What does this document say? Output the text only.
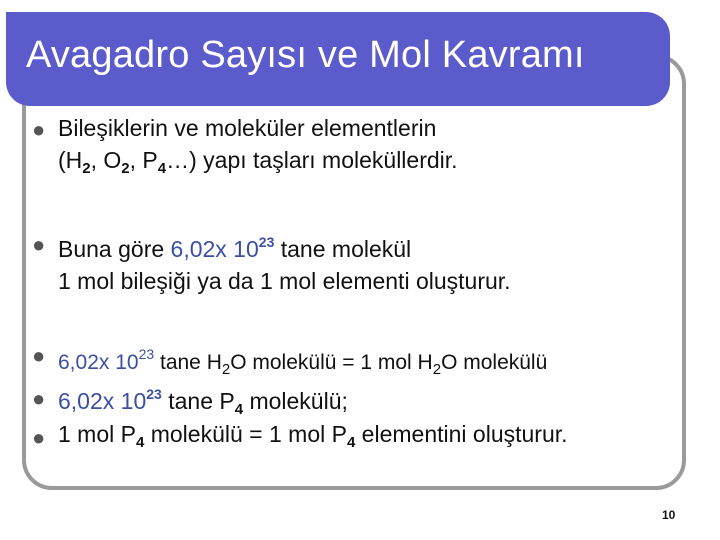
Avagadro Sayısı ve Mol Kavramı
● Bileşiklerin ve moleküler elementlerin
($H_2$, $O_2$, $P_4\dots$) yapı taşları moleküllerdir.
● Buna göre 6,02x $10^{23}$ tane molekül
1 mol bileşiği ya da 1 mol elementi oluşturur.
● 6,02x $10^{23}$ tane $H_2O$ molekülü = 1 mol $H_2O$ molekülü
● 6,02x $10^{23}$ tane $P_4$ molekülü;
● 1 mol $P_4$ molekülü = 1 mol $P_4$ elementini oluşturur.
10
